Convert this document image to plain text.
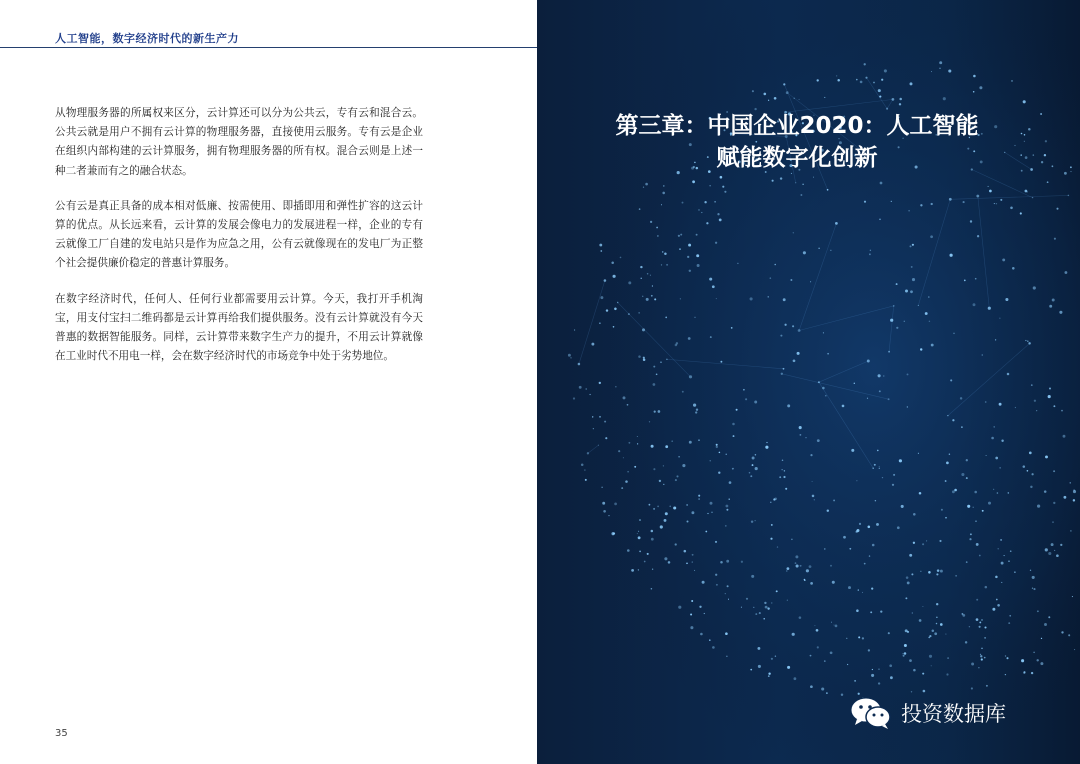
人工智能，数字经济时代的新生产力

从物理服务器的所属权来区分，云计算还可以分为公共云，专有云和混合云。公共云就是用户不拥有云计算的物理服务器，直接使用云服务。专有云是企业在组织内部构建的云计算服务，拥有物理服务器的所有权。混合云则是上述一种二者兼而有之的融合状态。

公有云是真正具备的成本相对低廉、按需使用、即插即用和弹性扩容的这云计算的优点。从长远来看，云计算的发展会像电力的发展进程一样，企业的专有云就像工厂自建的发电站只是作为应急之用，公有云就像现在的发电厂为正整个社会提供廉价稳定的普惠计算服务。

在数字经济时代，任何人、任何行业都需要用云计算。今天，我打开手机淘宝，用支付宝扫二维码都是云计算再给我们提供服务。没有云计算就没有今天普惠的数据智能服务。同样，云计算带来数字生产力的提升，不用云计算就像在工业时代不用电一样，会在数字经济时代的市场竞争中处于劣势地位。

35
第三章：中国企业2020：人工智能
赋能数字化创新
投资数据库
